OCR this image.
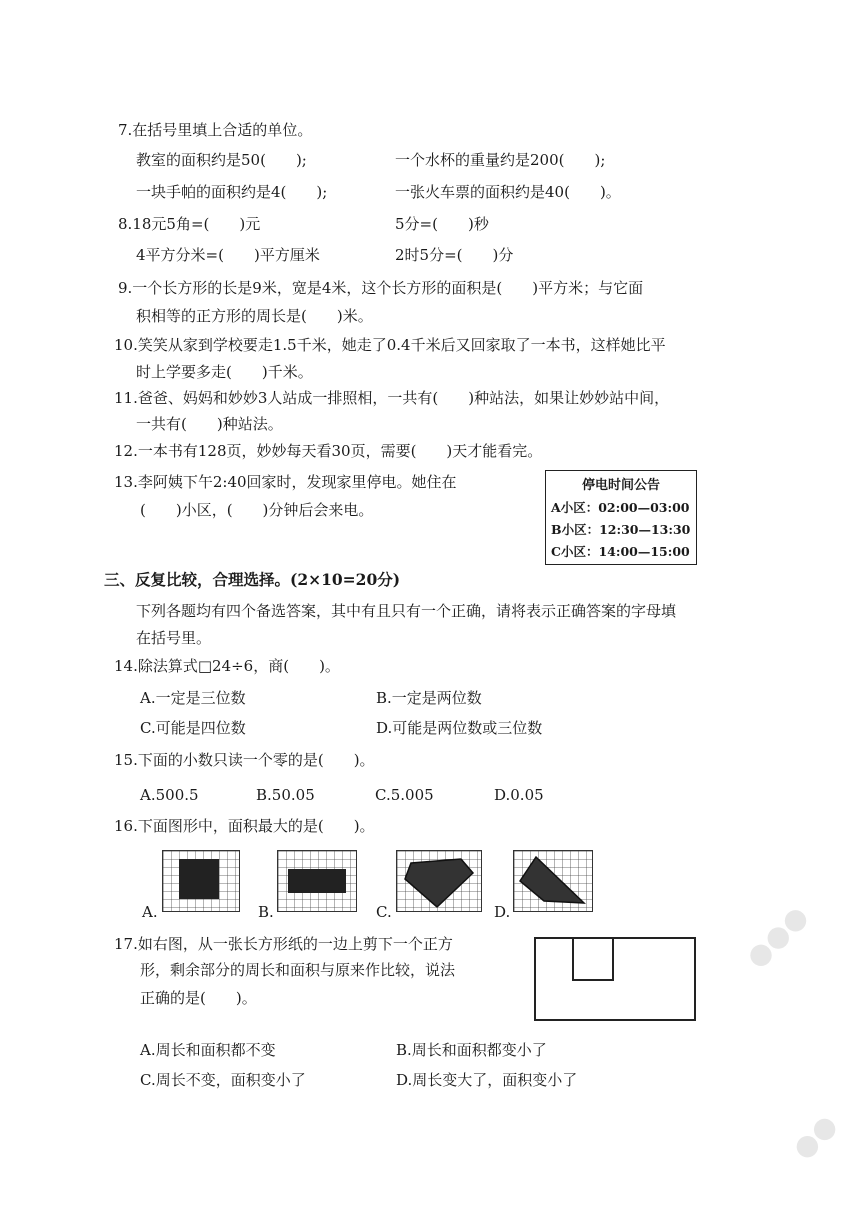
●●●
●●
7.在括号里填上合适的单位。
教室的面积约是50(　　);	一个水杯的重量约是200(　　);
一块手帕的面积约是4(　　);	一张火车票的面积约是40(　　)。
8.18元5角=(　　)元	5分=(　　)秒
4平方分米=(　　)平方厘米	2时5分=(　　)分
9.一个长方形的长是9米，宽是4米，这个长方形的面积是(　　)平方米；与它面
积相等的正方形的周长是(　　)米。
10.笑笑从家到学校要走1.5千米，她走了0.4千米后又回家取了一本书，这样她比平
时上学要多走(　　)千米。
11.爸爸、妈妈和妙妙3人站成一排照相，一共有(　　)种站法，如果让妙妙站中间，
一共有(　　)种站法。
12.一本书有128页，妙妙每天看30页，需要(　　)天才能看完。
13.李阿姨下午2:40回家时，发现家里停电。她住在
(　　)小区，(　　)分钟后会来电。
停电时间公告
A小区：02:00—03:00
B小区：12:30—13:30
C小区：14:00—15:00
三、反复比较，合理选择。(2×10=20分)
下列各题均有四个备选答案，其中有且只有一个正确，请将表示正确答案的字母填
在括号里。
14.除法算式□24÷6，商(　　)。
A.一定是三位数	B.一定是两位数
C.可能是四位数	D.可能是两位数或三位数
15.下面的小数只读一个零的是(　　)。
A.500.5	B.50.05	C.5.005	D.0.05
16.下面图形中，面积最大的是(　　)。
A.	B.	C.	D.
17.如右图，从一张长方形纸的一边上剪下一个正方
形，剩余部分的周长和面积与原来作比较，说法
正确的是(　　)。
A.周长和面积都不变	B.周长和面积都变小了
C.周长不变，面积变小了	D.周长变大了，面积变小了
